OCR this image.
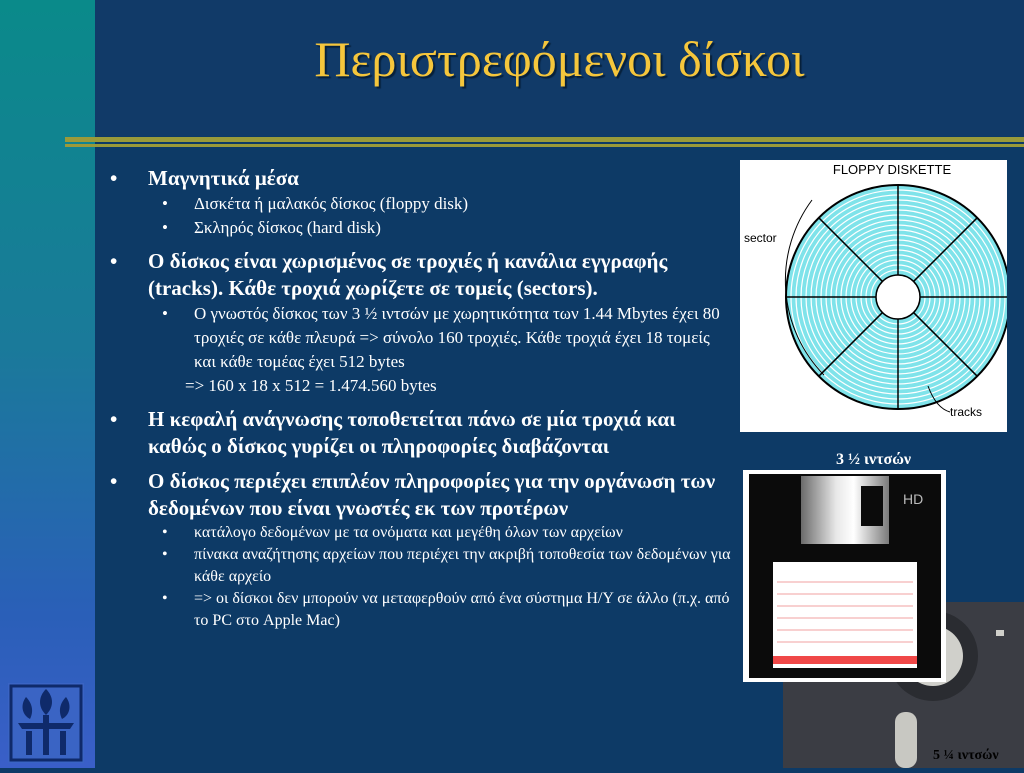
Περιστρεφόμενοι δίσκοι
• Μαγνητικά μέσα
• Δισκέτα ή μαλακός δίσκος (floppy disk)
• Σκληρός δίσκος (hard disk)
• Ο δίσκος είναι χωρισμένος σε τροχιές ή κανάλια εγγραφής (tracks). Κάθε τροχιά χωρίζετε σε τομείς (sectors).
• Ο γνωστός δίσκος των 3 ½ ιντσών με χωρητικότητα των 1.44 Mbytes έχει 80 τροχιές σε κάθε πλευρά => σύνολο 160 τροχιές. Κάθε τροχιά έχει 18 τομείς και κάθε τομέας έχει 512 bytes
=> 160 x 18 x 512 = 1.474.560 bytes
• Η κεφαλή ανάγνωσης τοποθετείται πάνω σε μία τροχιά και καθώς ο δίσκος γυρίζει οι πληροφορίες διαβάζονται
• Ο δίσκος περιέχει επιπλέον πληροφορίες για την οργάνωση των δεδομένων που είναι γνωστές εκ των προτέρων
• κατάλογο δεδομένων με τα ονόματα και μεγέθη όλων των αρχείων
• πίνακα αναζήτησης αρχείων που περιέχει την ακριβή τοποθεσία των δεδομένων για κάθε αρχείο
• => οι δίσκοι δεν μπορούν να μεταφερθούν από ένα σύστημα Η/Υ σε άλλο (π.χ. από το PC στο Apple Mac)
FLOPPY DISKETTE
sector
tracks
3 ½ ιντσών
HD
5 ¼ ιντσών
